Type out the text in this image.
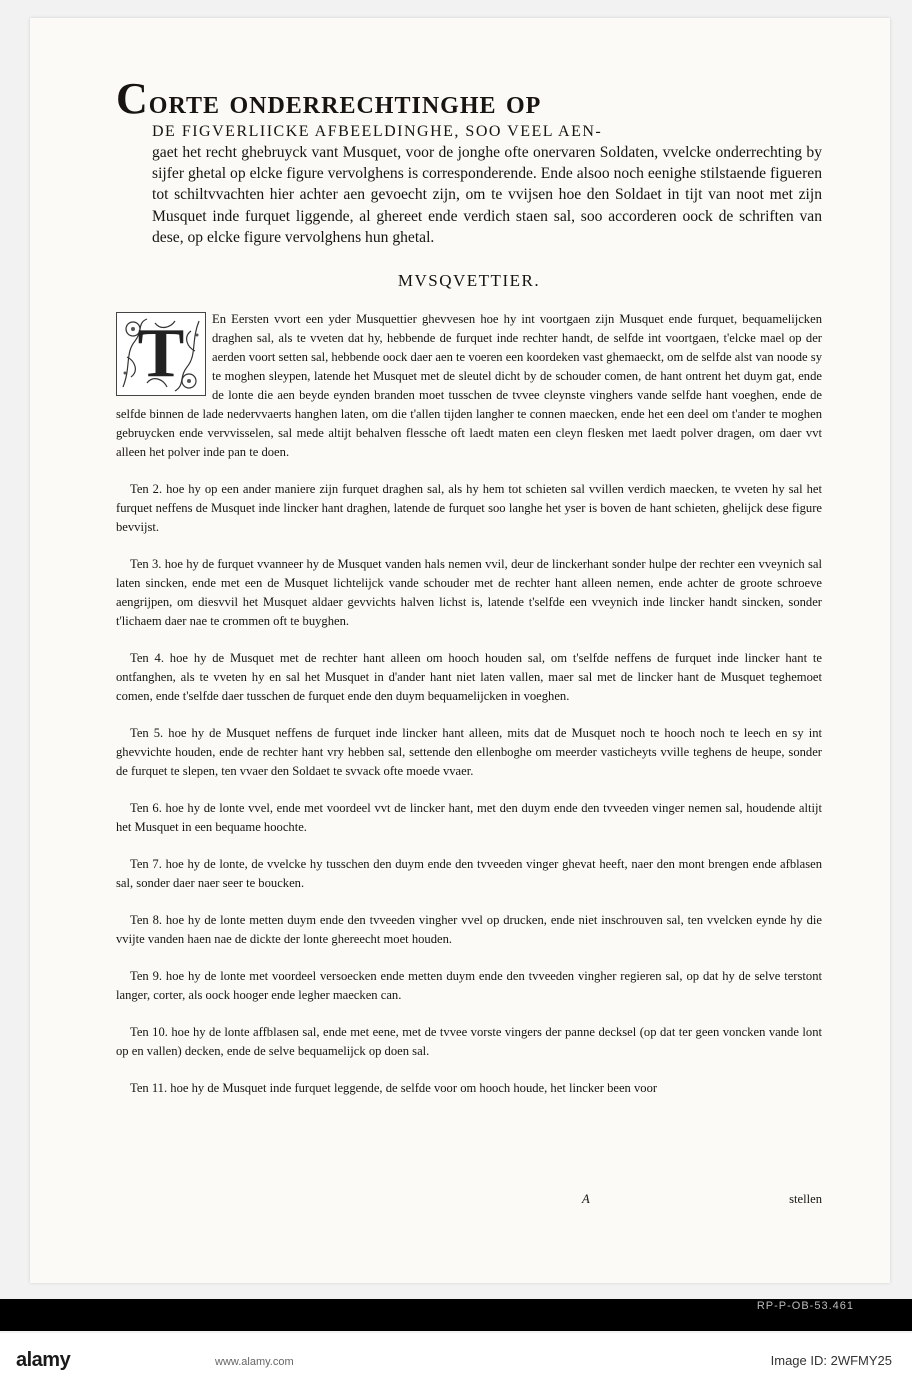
Corte onderrechtinghe op
DE FIGVERLIICKE AFBEELDINGHE, SOO VEEL AEN-
gaet het recht ghebruyck vant Musquet, voor de jonghe ofte onervaren Soldaten, vvelcke onderrechting by sijfer ghetal op elcke figure vervolghens is corresponderende. Ende alsoo noch eenighe stilstaende figueren tot schiltvvachten hier achter aen gevoecht zijn, om te vvijsen hoe den Soldaet in tijt van noot met zijn Musquet inde furquet liggende, al ghereet ende verdich staen sal, soo accorderen oock de schriften van dese, op elcke figure vervolghens hun ghetal.
MVSQVETTIER.
T	En Eersten vvort een yder Musquettier ghevvesen hoe hy int voortgaen zijn Musquet ende furquet, bequamelijcken draghen sal, als te vveten dat hy, hebbende de furquet inde rechter handt, de selfde int voortgaen, t'elcke mael op der aerden voort setten sal, hebbende oock daer aen te voeren een koordeken vast ghemaeckt, om de selfde alst van noode sy te moghen sleypen, latende het Musquet met de sleutel dicht by de schouder comen, de hant ontrent het duym gat, ende de lonte die aen beyde eynden branden moet tusschen de tvvee cleynste vinghers vande selfde hant voeghen, ende de selfde binnen de lade nedervvaerts hanghen laten, om die t'allen tijden langher te connen maecken, ende het een deel om t'ander te moghen gebruycken ende vervvisselen, sal mede altijt behalven flessche oft laedt maten een cleyn flesken met laedt polver dragen, om daer vvt alleen het polver inde pan te doen.
Ten 2. hoe hy op een ander maniere zijn furquet draghen sal, als hy hem tot schieten sal vvillen verdich maecken, te vveten hy sal het furquet neffens de Musquet inde lincker hant draghen, latende de furquet soo langhe het yser is boven de hant schieten, ghelijck dese figure bevvijst.
Ten 3. hoe hy de furquet vvanneer hy de Musquet vanden hals nemen vvil, deur de linckerhant sonder hulpe der rechter een vveynich sal laten sincken, ende met een de Musquet lichtelijck vande schouder met de rechter hant alleen nemen, ende achter de groote schroeve aengrijpen, om diesvvil het Musquet aldaer gevvichts halven lichst is, latende t'selfde een vveynich inde lincker handt sincken, sonder t'lichaem daer nae te crommen oft te buyghen.
Ten 4. hoe hy de Musquet met de rechter hant alleen om hooch houden sal, om t'selfde neffens de furquet inde lincker hant te ontfanghen, als te vveten hy en sal het Musquet in d'ander hant niet laten vallen, maer sal met de lincker hant de Musquet teghemoet comen, ende t'selfde daer tusschen de furquet ende den duym bequamelijcken in voeghen.
Ten 5. hoe hy de Musquet neffens de furquet inde lincker hant alleen, mits dat de Musquet noch te hooch noch te leech en sy int ghevvichte houden, ende de rechter hant vry hebben sal, settende den ellenboghe om meerder vasticheyts vville teghens de heupe, sonder de furquet te slepen, ten vvaer den Soldaet te svvack ofte moede vvaer.
Ten 6. hoe hy de lonte vvel, ende met voordeel vvt de lincker hant, met den duym ende den tvveeden vinger nemen sal, houdende altijt het Musquet in een bequame hoochte.
Ten 7. hoe hy de lonte, de vvelcke hy tusschen den duym ende den tvveeden vinger ghevat heeft, naer den mont brengen ende afblasen sal, sonder daer naer seer te boucken.
Ten 8. hoe hy de lonte metten duym ende den tvveeden vingher vvel op drucken, ende niet inschrouven sal, ten vvelcken eynde hy die vvijte vanden haen nae de dickte der lonte ghereecht moet houden.
Ten 9. hoe hy de lonte met voordeel versoecken ende metten duym ende den tvveeden vingher regieren sal, op dat hy de selve terstont langer, corter, als oock hooger ende legher maecken can.
Ten 10. hoe hy de lonte affblasen sal, ende met eene, met de tvvee vorste vingers der panne decksel (op dat ter geen voncken vande lont op en vallen) decken, ende de selve bequamelijck op doen sal.
Ten 11. hoe hy de Musquet inde furquet leggende, de selfde voor om hooch houde, het lincker been voor
A	stellen
RP-P-OB-53.461
alamy	www.alamy.com	Image ID: 2WFMY25
